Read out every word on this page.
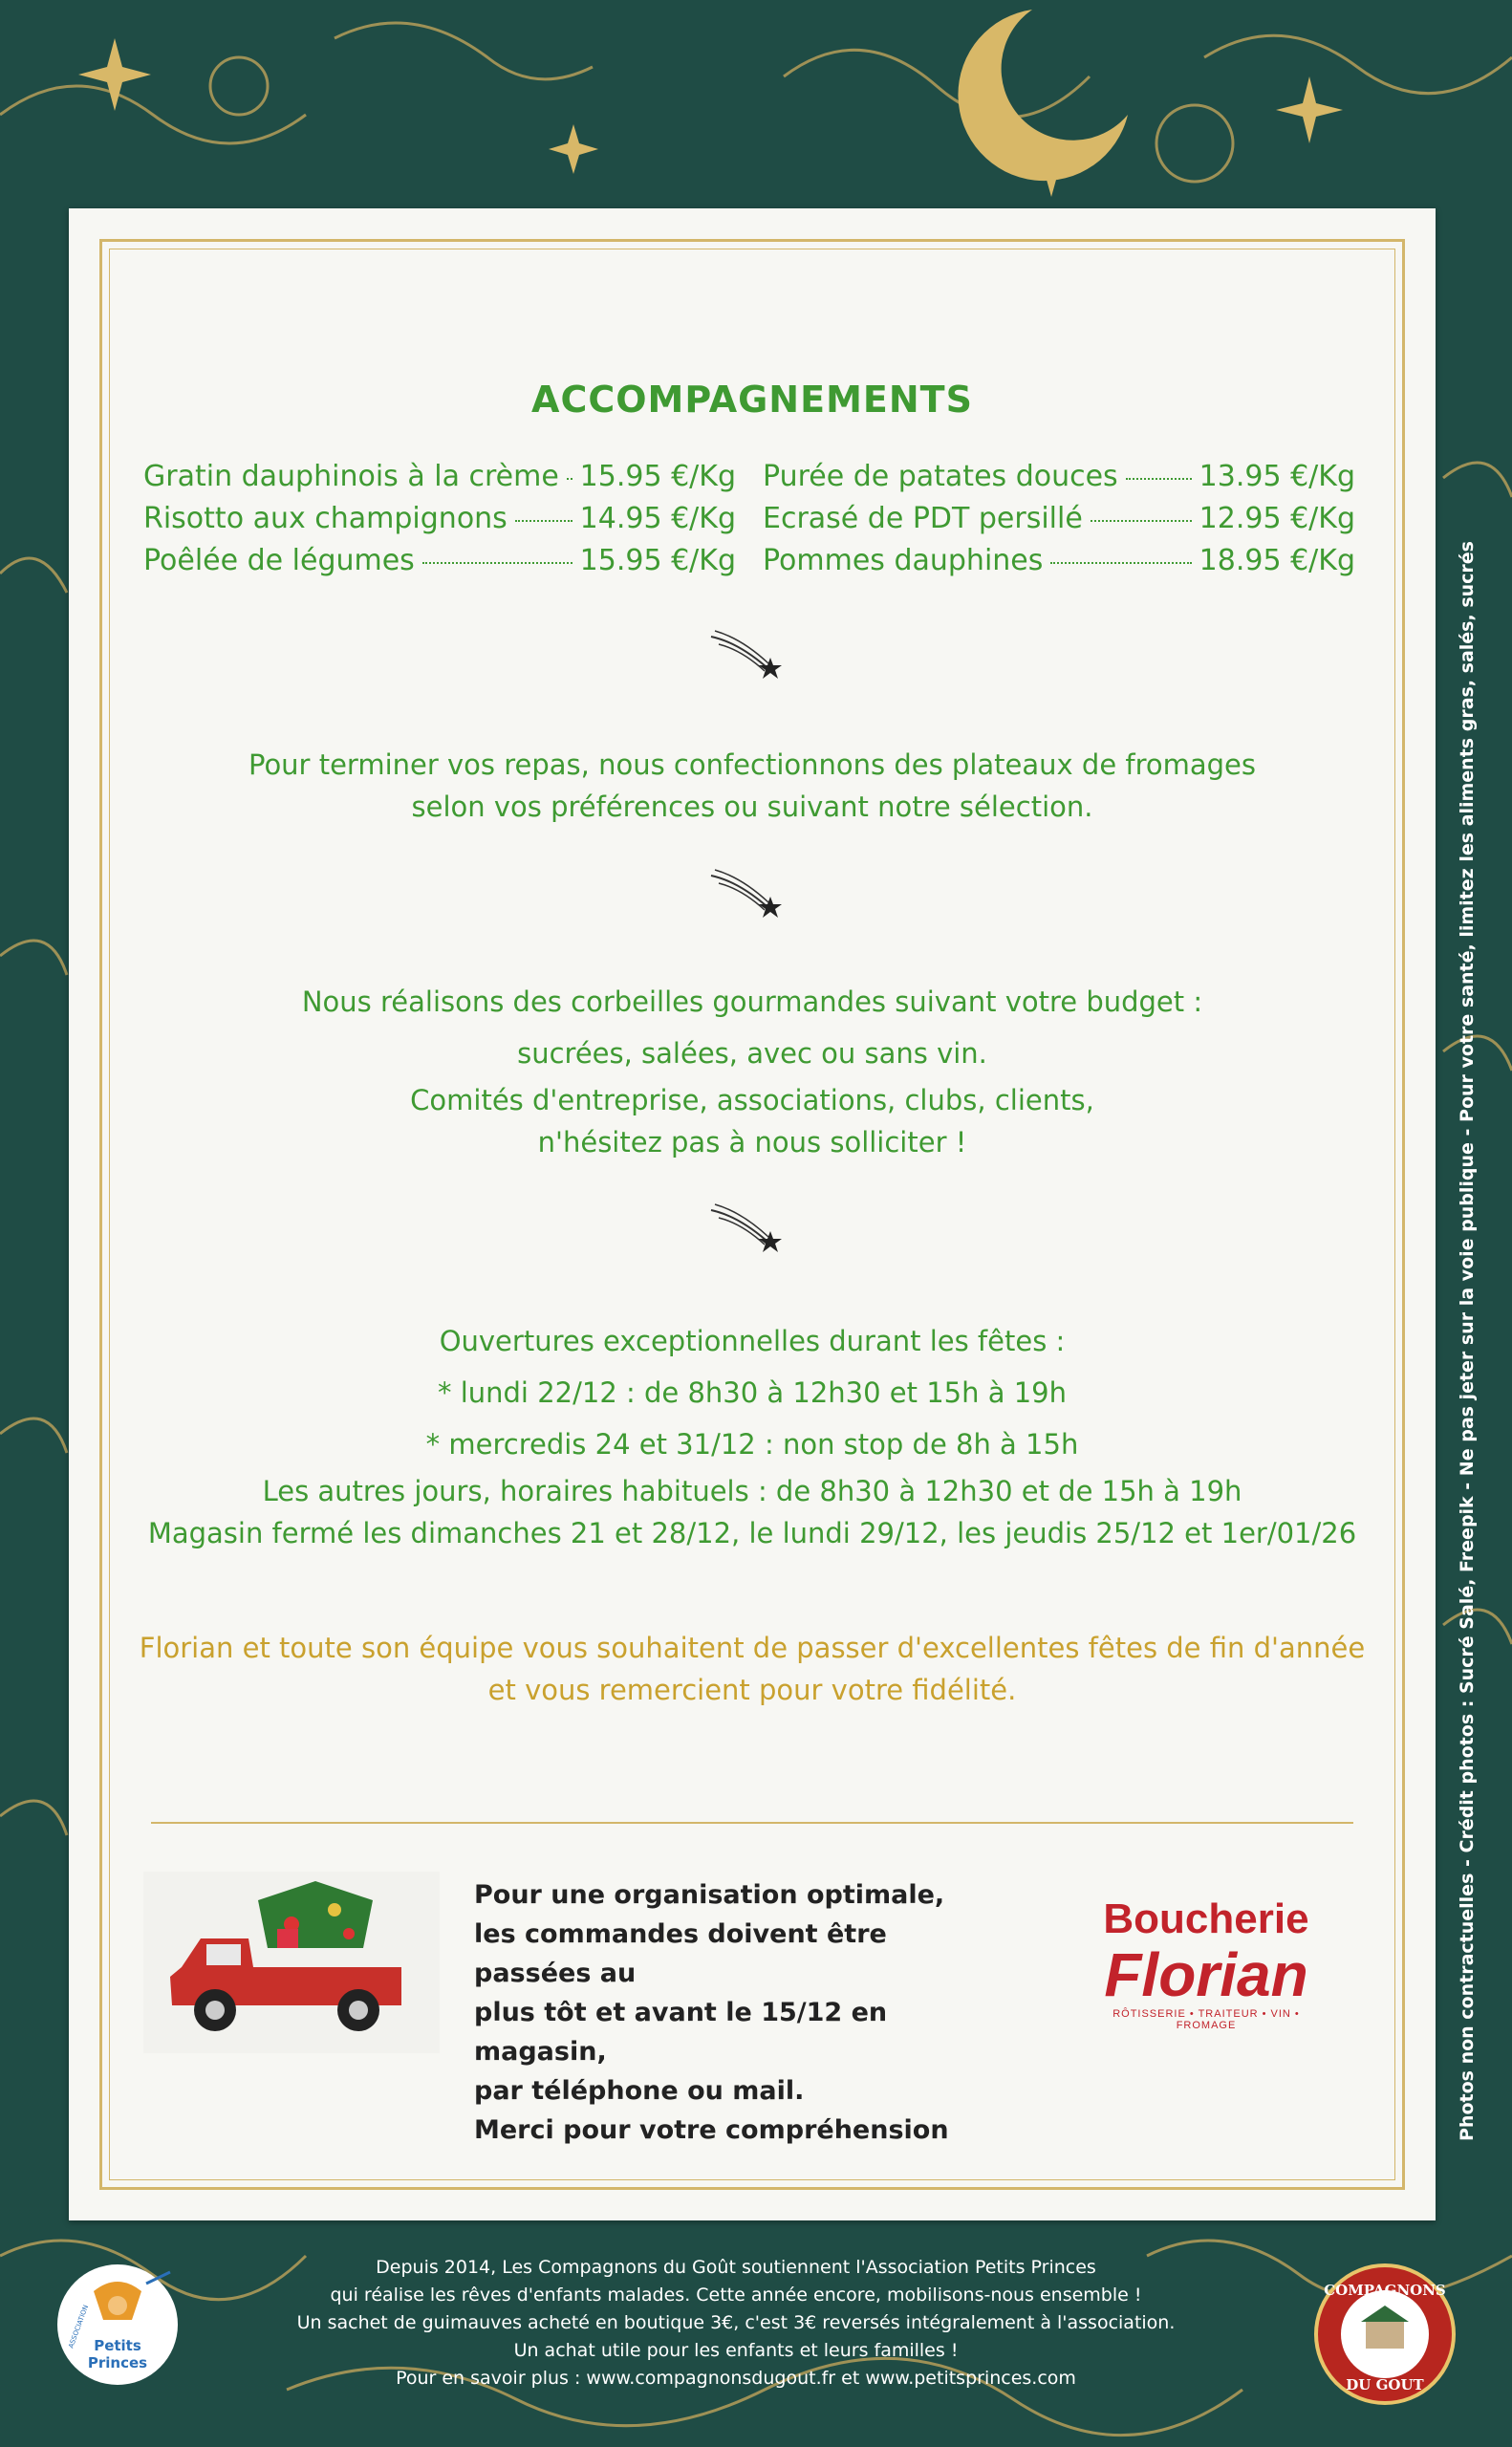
ACCOMPAGNEMENTS
Gratin dauphinois à la crème 15.95 €/Kg
Risotto aux champignons	14.95 €/Kg
Poêlée de légumes	15.95 €/Kg
Purée de patates douces	13.95 €/Kg
Ecrasé de PDT persillé	12.95 €/Kg
Pommes dauphines	18.95 €/Kg
Pour terminer vos repas, nous confectionnons des plateaux de fromages
selon vos préférences ou suivant notre sélection.
Nous réalisons des corbeilles gourmandes suivant votre budget :
sucrées, salées, avec ou sans vin.
Comités d'entreprise, associations, clubs, clients,
n'hésitez pas à nous solliciter !
Ouvertures exceptionnelles durant les fêtes :
* lundi 22/12 : de 8h30 à 12h30 et 15h à 19h
* mercredis 24 et 31/12 : non stop de 8h à 15h
Les autres jours, horaires habituels : de 8h30 à 12h30 et de 15h à 19h
Magasin fermé les dimanches 21 et 28/12, le lundi 29/12, les jeudis 25/12 et 1er/01/26
Florian et toute son équipe vous souhaitent de passer d'excellentes fêtes de fin d'année
et vous remercient pour votre fidélité.
Pour une organisation optimale,
les commandes doivent être passées au
plus tôt et avant le 15/12 en magasin,
par téléphone ou mail.
Merci pour votre compréhension
Boucherie
Florian
RÔTISSERIE • TRAITEUR • VIN • FROMAGE	Photos non contractuelles - Crédit photos : Sucré Salé, Freepik - Ne pas jeter sur la voie publique - Pour votre santé, limitez les aliments gras, salés, sucrés
Depuis 2014, Les Compagnons du Goût soutiennent l'Association Petits Princes
qui réalise les rêves d'enfants malades. Cette année encore, mobilisons-nous ensemble !
Un sachet de guimauves acheté en boutique 3€, c'est 3€ reversés intégralement à l'association.
Un achat utile pour les enfants et leurs familles !
Pour en savoir plus : www.compagnonsdugout.fr et www.petitsprinces.com
Petits
Princes
ASSOCIATION
COMPAGNONS
DU GOUT
